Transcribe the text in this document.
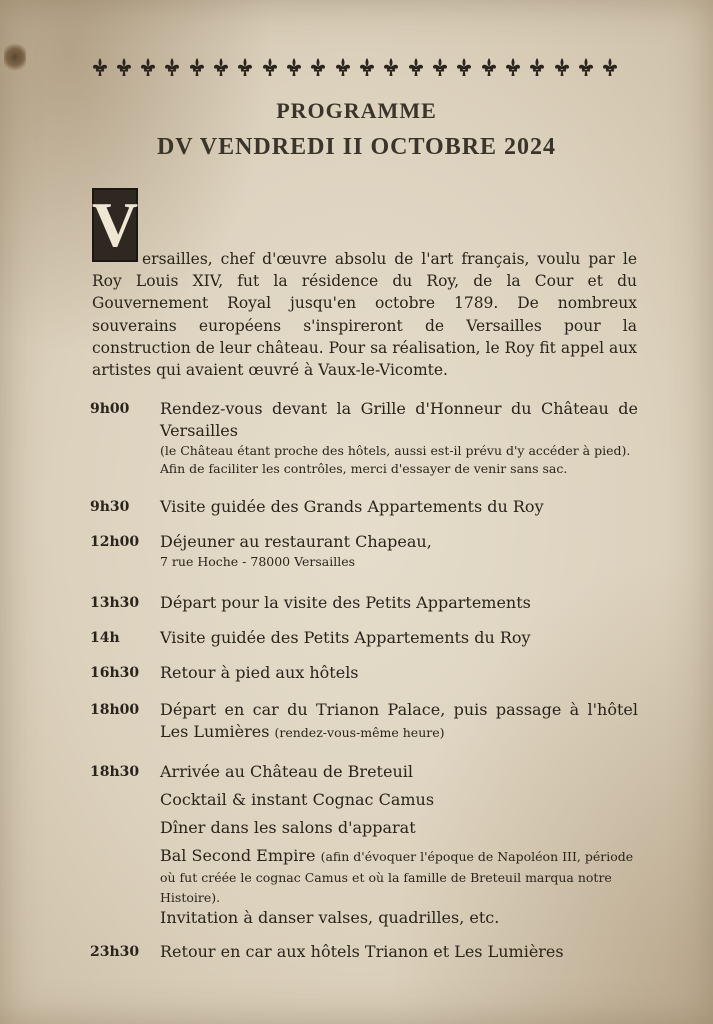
PROGRAMME
DV VENDREDI II OCTOBRE 2024
V ersailles, chef d'œuvre absolu de l'art français, voulu par le Roy Louis XIV, fut la résidence du Roy, de la Cour et du Gouvernement Royal jusqu'en octobre 1789. De nombreux souverains européens s'inspireront de Versailles pour la construction de leur château. Pour sa réalisation, le Roy fit appel aux artistes qui avaient œuvré à Vaux-le-Vicomte.
9h00	Rendez-vous devant la Grille d'Honneur du Château de Versailles
(le Château étant proche des hôtels, aussi est-il prévu d'y accéder à pied).
Afin de faciliter les contrôles, merci d'essayer de venir sans sac.
9h30	Visite guidée des Grands Appartements du Roy
12h00	Déjeuner au restaurant Chapeau,
7 rue Hoche - 78000 Versailles
13h30	Départ pour la visite des Petits Appartements
14h	Visite guidée des Petits Appartements du Roy
16h30	Retour à pied aux hôtels
18h00	Départ en car du Trianon Palace, puis passage à l'hôtel Les Lumières (rendez-vous-même heure)
18h30	Arrivée au Château de Breteuil
Cocktail & instant Cognac Camus
Dîner dans les salons d'apparat
Bal Second Empire (afin d'évoquer l'époque de Napoléon III, période où fut créée le cognac Camus et où la famille de Breteuil marqua notre Histoire).
Invitation à danser valses, quadrilles, etc.
23h30	Retour en car aux hôtels Trianon et Les Lumières
